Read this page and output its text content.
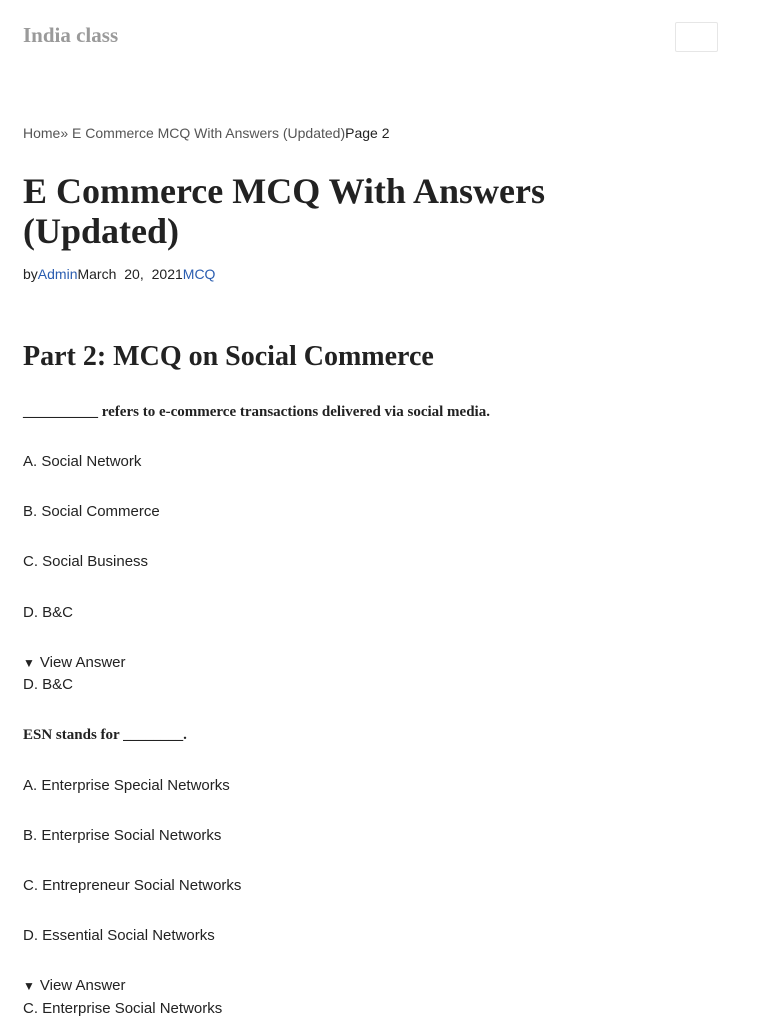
India class
Home» E Commerce MCQ With Answers (Updated)Page 2
E Commerce MCQ With Answers (Updated)
byAdminMarch 20, 2021MCQ
Part 2: MCQ on Social Commerce

__________ refers to e-commerce transactions delivered via social media.

A. Social Network

B. Social Commerce

C. Social Business

D. B&C

▼ View Answer

D. B&C

ESN stands for ________.

A. Enterprise Special Networks

B. Enterprise Social Networks

C. Entrepreneur Social Networks

D. Essential Social Networks

▼ View Answer

C. Enterprise Social Networks
